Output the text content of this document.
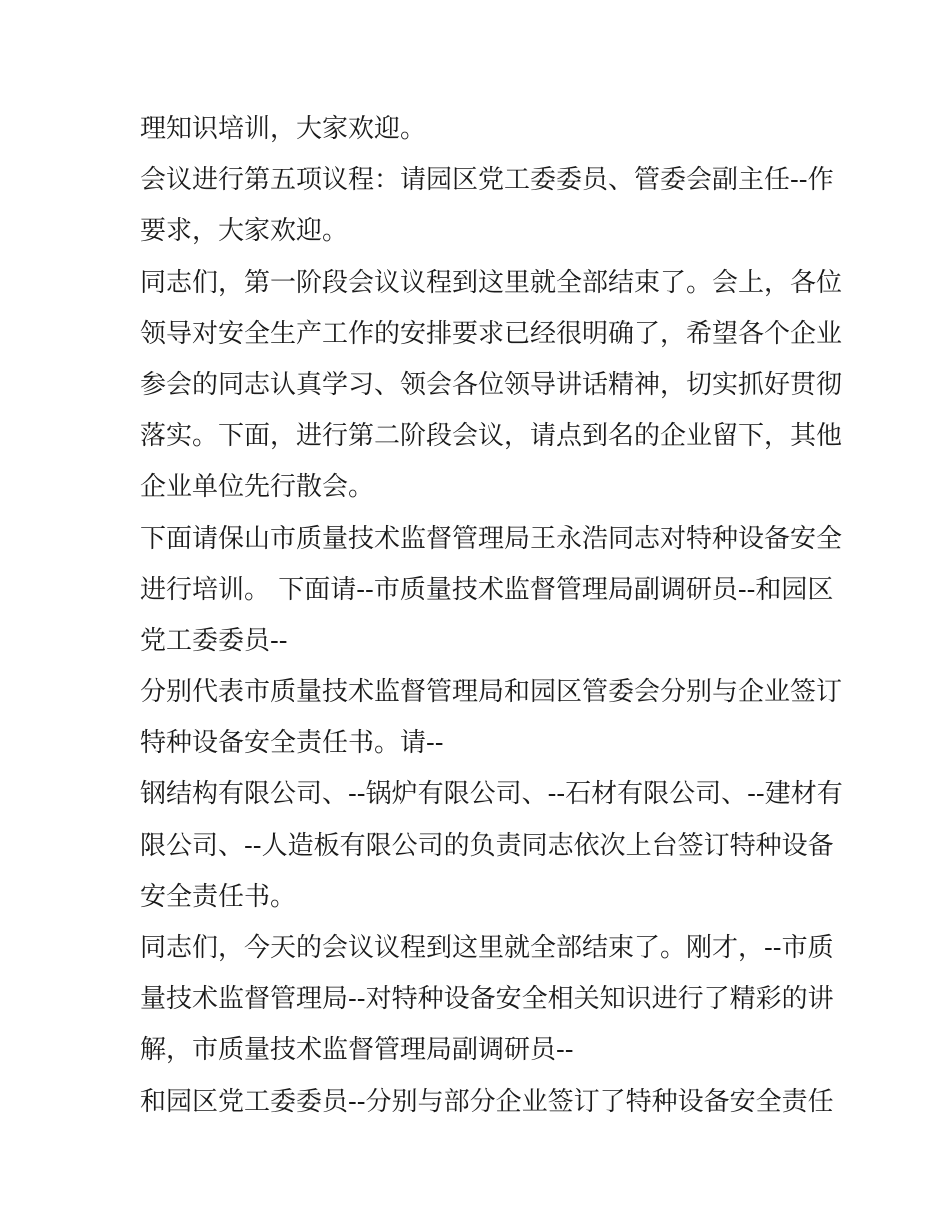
理知识培训，大家欢迎。

会议进行第五项议程：请园区党工委委员、管委会副主任--作

要求，大家欢迎。

同志们，第一阶段会议议程到这里就全部结束了。会上，各位

领导对安全生产工作的安排要求已经很明确了，希望各个企业

参会的同志认真学习、领会各位领导讲话精神，切实抓好贯彻

落实。下面，进行第二阶段会议，请点到名的企业留下，其他

企业单位先行散会。

下面请保山市质量技术监督管理局王永浩同志对特种设备安全

进行培训。 下面请--市质量技术监督管理局副调研员--和园区

党工委委员--

分别代表市质量技术监督管理局和园区管委会分别与企业签订

特种设备安全责任书。请--

钢结构有限公司、--锅炉有限公司、--石材有限公司、--建材有

限公司、--人造板有限公司的负责同志依次上台签订特种设备

安全责任书。

同志们，今天的会议议程到这里就全部结束了。刚才，--市质

量技术监督管理局--对特种设备安全相关知识进行了精彩的讲

解，市质量技术监督管理局副调研员--

和园区党工委委员--分别与部分企业签订了特种设备安全责任
